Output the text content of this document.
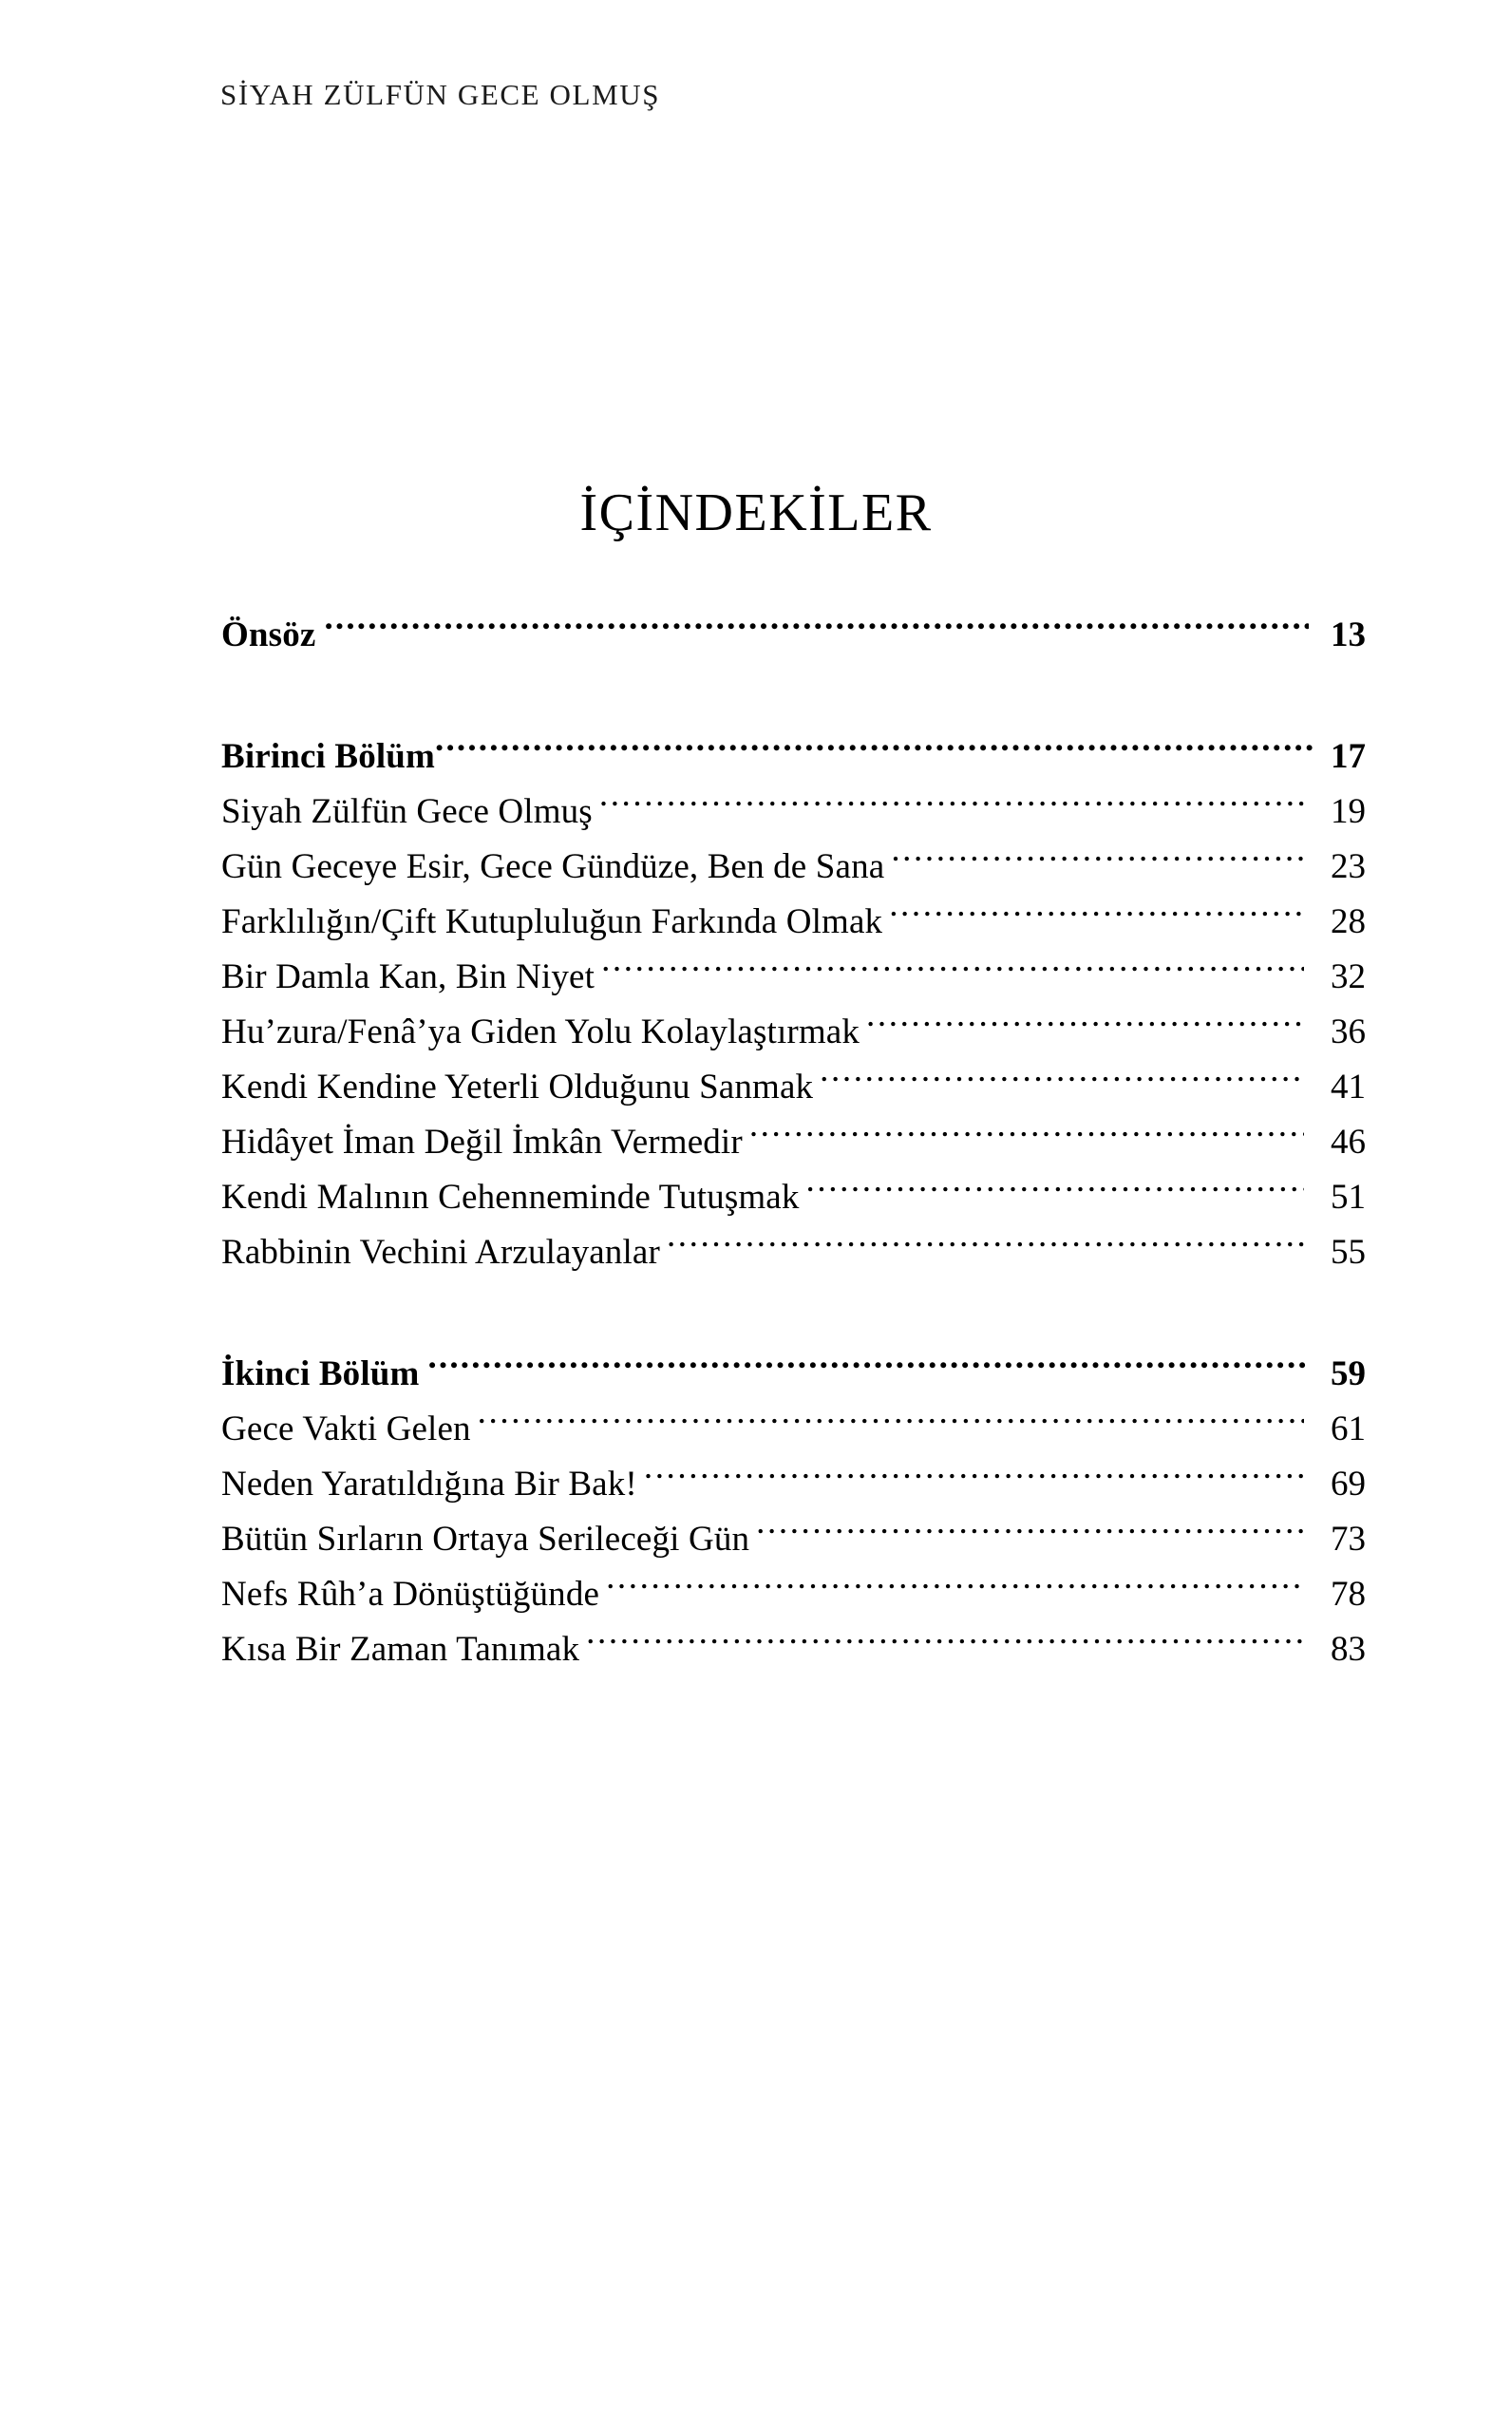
SİYAH ZÜLFÜN GECE OLMUŞ
İÇİNDEKİLER
Önsöz .....	13
Birinci Bölüm .....	17
Siyah Zülfün Gece Olmuş .....	19
Gün Geceye Esir, Gece Gündüze, Ben de Sana .....	23
Farklılığın/Çift Kutupluluğun Farkında Olmak .....	28
Bir Damla Kan, Bin Niyet .....	32
Hu’zura/Fenâ’ya Giden Yolu Kolaylaştırmak .....	36
Kendi Kendine Yeterli Olduğunu Sanmak .....	41
Hidâyet İman Değil İmkân Vermedir .....	46
Kendi Malının Cehenneminde Tutuşmak .....	51
Rabbinin Vechini Arzulayanlar .....	55
İkinci Bölüm .....	59
Gece Vakti Gelen .....	61
Neden Yaratıldığına Bir Bak! .....	69
Bütün Sırların Ortaya Serileceği Gün .....	73
Nefs Rûh’a Dönüştüğünde .....	78
Kısa Bir Zaman Tanımak .....	83
